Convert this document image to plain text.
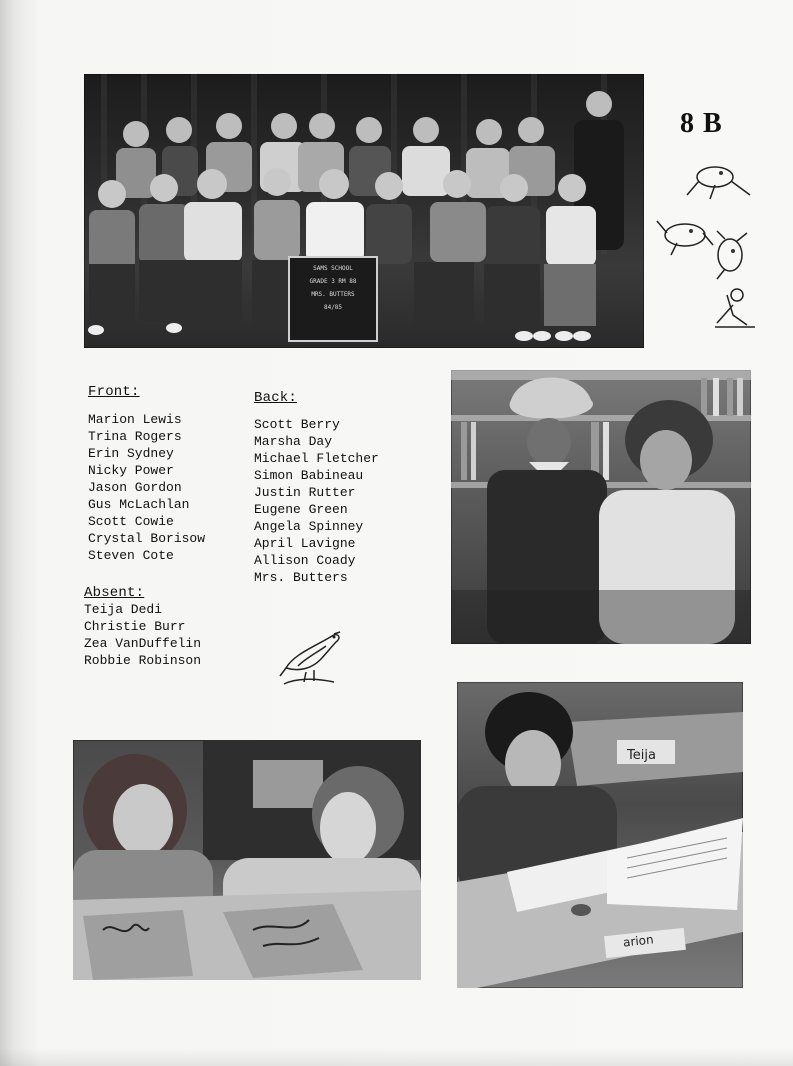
8 B
SAMS SCHOOL
GRADE 3 RM 88
MRS. BUTTERS
84/85
Front:
Marion Lewis
Trina Rogers
Erin Sydney
Nicky Power
Jason Gordon
Gus McLachlan
Scott Cowie
Crystal Borisow
Steven Cote
Back:
Scott Berry
Marsha Day
Michael Fletcher
Simon Babineau
Justin Rutter
Eugene Green
Angela Spinney
April Lavigne
Allison Coady
Mrs. Butters
Absent:
Teija Dedi
Christie Burr
Zea VanDuffelin
Robbie Robinson
Teija
arion
